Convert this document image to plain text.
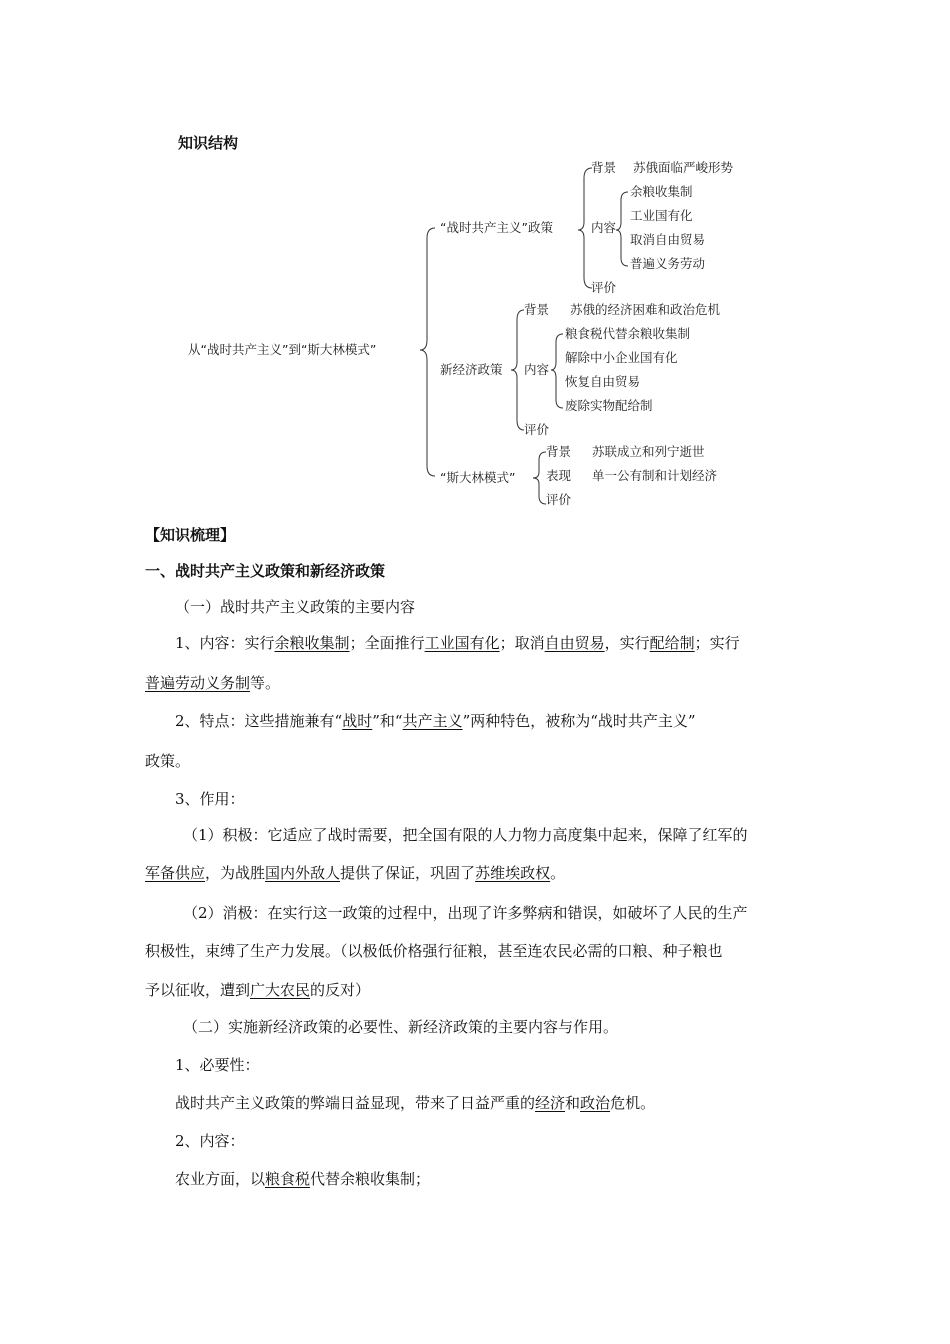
知识结构
从“战时共产主义”到“斯大林模式”
“战时共产主义”政策
背景 苏俄面临严峻形势
内容
余粮收集制
工业国有化
取消自由贸易
普遍义务劳动
评价
新经济政策
背景 苏俄的经济困难和政治危机
内容
粮食税代替余粮收集制
解除中小企业国有化
恢复自由贸易
废除实物配给制
评价
“斯大林模式”
背景 苏联成立和列宁逝世
表现 单一公有制和计划经济
评价
【知识梳理】
一、战时共产主义政策和新经济政策
（一）战时共产主义政策的主要内容
1、内容：实行余粮收集制；全面推行工业国有化；取消自由贸易，实行配给制；实行
普遍劳动义务制等。
2、特点：这些措施兼有“战时”和“共产主义”两种特色，被称为“战时共产主义”
政策。
3、作用：
（1）积极：它适应了战时需要，把全国有限的人力物力高度集中起来，保障了红军的
军备供应，为战胜国内外敌人提供了保证，巩固了苏维埃政权。
（2）消极：在实行这一政策的过程中，出现了许多弊病和错误，如破坏了人民的生产
积极性，束缚了生产力发展。（以极低价格强行征粮，甚至连农民必需的口粮、种子粮也
予以征收，遭到广大农民的反对）
（二）实施新经济政策的必要性、新经济政策的主要内容与作用。
1、必要性：
战时共产主义政策的弊端日益显现，带来了日益严重的经济和政治危机。
2、内容：
农业方面，以粮食税代替余粮收集制；
